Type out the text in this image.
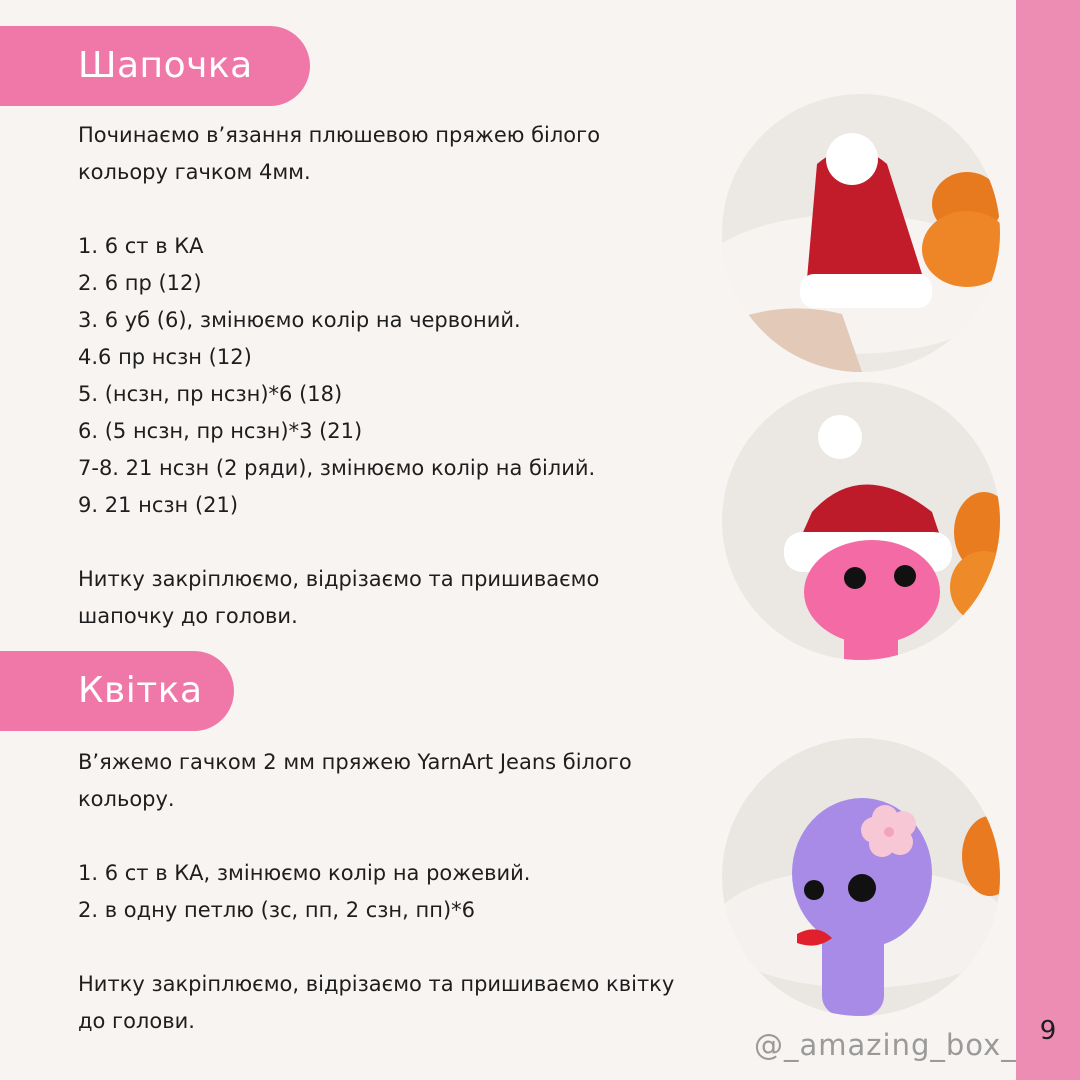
9
Шапочка

Починаємо в’язання плюшевою пряжею білого

кольору гачком 4мм.

1. 6 ст в КА

2. 6 пр (12)

3. 6 уб (6), змінюємо колір на червоний.

4.6 пр нсзн (12)

5. (нсзн, пр нсзн)*6 (18)

6. (5 нсзн, пр нсзн)*3 (21)

7-8. 21 нсзн (2 ряди), змінюємо колір на білий.

9. 21 нсзн (21)

Нитку закріплюємо, відрізаємо та пришиваємо

шапочку до голови.

Квітка

В’яжемо гачком 2 мм пряжею YarnArt Jeans білого

кольору.

1. 6 ст в КА, змінюємо колір на рожевий.

2. в одну петлю (зс, пп, 2 сзн, пп)*6

Нитку закріплюємо, відрізаємо та пришиваємо квітку

до голови.

@_amazing_box_
